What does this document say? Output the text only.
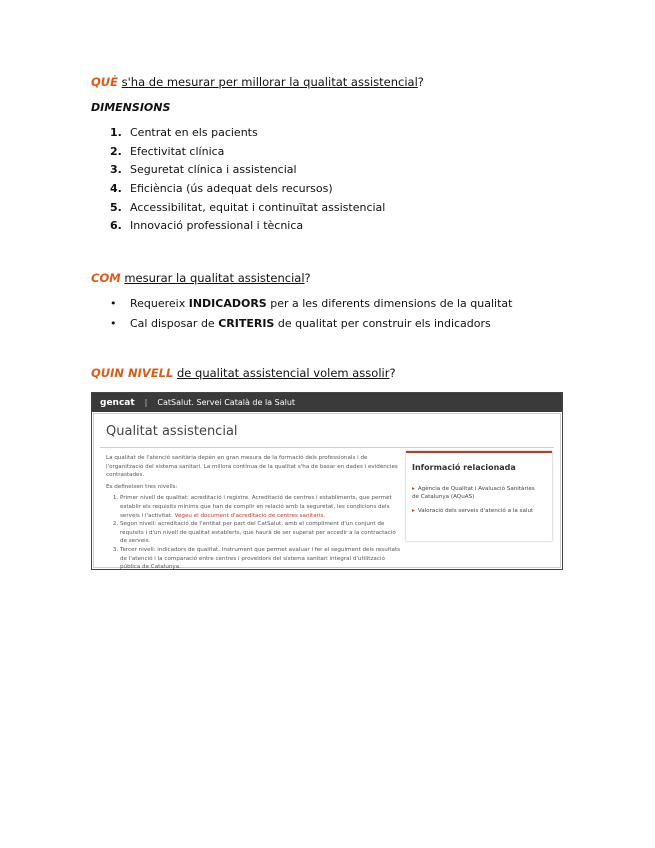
QUÈ s'ha de mesurar per millorar la qualitat assistencial?
DIMENSIONS
1. Centrat en els pacients
2. Efectivitat clínica
3. Seguretat clínica i assistencial
4. Eficiència (ús adequat dels recursos)
5. Accessibilitat, equitat i continuïtat assistencial
6. Innovació professional i tècnica
COM mesurar la qualitat assistencial?
• Requereix INDICADORS per a les diferents dimensions de la qualitat
• Cal disposar de CRITERIS de qualitat per construir els indicadors
QUIN NIVELL de qualitat assistencial volem assolir?
gencat | CatSalut. Servei Català de la Salut
Qualitat assistencial

La qualitat de l'atenció sanitària depèn en gran mesura de la formació dels professionals i de l'organització del sistema sanitari. La millora contínua de la qualitat s'ha de basar en dades i evidències contrastades.

Es defineixen tres nivells:

1. Primer nivell de qualitat: acreditació i registre. Acreditació de centres i establiments, que permet establir els requisits mínims que han de complir en relació amb la seguretat, les condicions dels serveis i l'activitat. Vegeu el document d'acreditació de centres sanitaris.
2. Segon nivell: acreditació de l'entitat per part del CatSalut, amb el compliment d'un conjunt de requisits i d'un nivell de qualitat establerts, que haurà de ser superat per accedir a la contractació de serveis.
3. Tercer nivell: indicadors de qualitat. Instrument que permet avaluar i fer el seguiment dels resultats de l'atenció i la comparació entre centres i proveïdors del sistema sanitari integral d'utilització pública de Catalunya.
Informació relacionada
▸ Agència de Qualitat i Avaluació Sanitàries de Catalunya (AQuAS)
▸ Valoració dels serveis d'atenció a la salut
